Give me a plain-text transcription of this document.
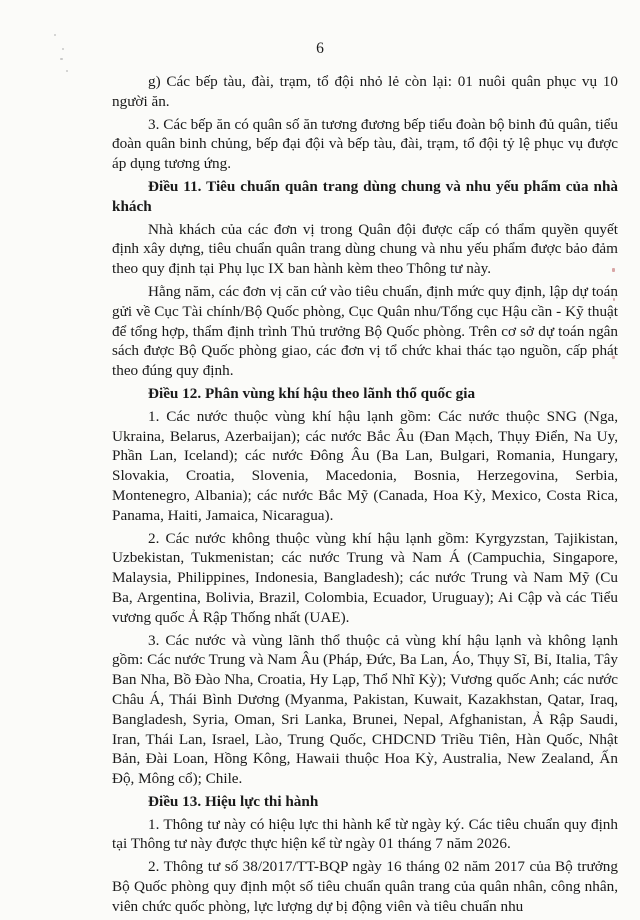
6

g) Các bếp tàu, đài, trạm, tổ đội nhỏ lẻ còn lại: 01 nuôi quân phục vụ 10 người ăn.

3. Các bếp ăn có quân số ăn tương đương bếp tiểu đoàn bộ binh đủ quân, tiểu đoàn quân binh chủng, bếp đại đội và bếp tàu, đài, trạm, tổ đội tỷ lệ phục vụ được áp dụng tương ứng.

Điều 11. Tiêu chuẩn quân trang dùng chung và nhu yếu phẩm của nhà khách

Nhà khách của các đơn vị trong Quân đội được cấp có thẩm quyền quyết định xây dựng, tiêu chuẩn quân trang dùng chung và nhu yếu phẩm được bảo đảm theo quy định tại Phụ lục IX ban hành kèm theo Thông tư này.

Hằng năm, các đơn vị căn cứ vào tiêu chuẩn, định mức quy định, lập dự toán gửi về Cục Tài chính/Bộ Quốc phòng, Cục Quân nhu/Tổng cục Hậu cần - Kỹ thuật để tổng hợp, thẩm định trình Thủ trưởng Bộ Quốc phòng. Trên cơ sở dự toán ngân sách được Bộ Quốc phòng giao, các đơn vị tổ chức khai thác tạo nguồn, cấp phát theo đúng quy định.

Điều 12. Phân vùng khí hậu theo lãnh thổ quốc gia

1. Các nước thuộc vùng khí hậu lạnh gồm: Các nước thuộc SNG (Nga, Ukraina, Belarus, Azerbaijan); các nước Bắc Âu (Đan Mạch, Thụy Điển, Na Uy, Phần Lan, Iceland); các nước Đông Âu (Ba Lan, Bulgari, Romania, Hungary, Slovakia, Croatia, Slovenia, Macedonia, Bosnia, Herzegovina, Serbia, Montenegro, Albania); các nước Bắc Mỹ (Canada, Hoa Kỳ, Mexico, Costa Rica, Panama, Haiti, Jamaica, Nicaragua).

2. Các nước không thuộc vùng khí hậu lạnh gồm: Kyrgyzstan, Tajikistan, Uzbekistan, Tukmenistan; các nước Trung và Nam Á (Campuchia, Singapore, Malaysia, Philippines, Indonesia, Bangladesh); các nước Trung và Nam Mỹ (Cu Ba, Argentina, Bolivia, Brazil, Colombia, Ecuador, Uruguay); Ai Cập và các Tiểu vương quốc Ả Rập Thống nhất (UAE).

3. Các nước và vùng lãnh thổ thuộc cả vùng khí hậu lạnh và không lạnh gồm: Các nước Trung và Nam Âu (Pháp, Đức, Ba Lan, Áo, Thụy Sĩ, Bỉ, Italia, Tây Ban Nha, Bồ Đào Nha, Croatia, Hy Lạp, Thổ Nhĩ Kỳ); Vương quốc Anh; các nước Châu Á, Thái Bình Dương (Myanma, Pakistan, Kuwait, Kazakhstan, Qatar, Iraq, Bangladesh, Syria, Oman, Sri Lanka, Brunei, Nepal, Afghanistan, Ả Rập Saudi, Iran, Thái Lan, Israel, Lào, Trung Quốc, CHDCND Triều Tiên, Hàn Quốc, Nhật Bản, Đài Loan, Hồng Kông, Hawaii thuộc Hoa Kỳ, Australia, New Zealand, Ấn Độ, Mông cổ); Chile.

Điều 13. Hiệu lực thi hành

1. Thông tư này có hiệu lực thi hành kể từ ngày ký. Các tiêu chuẩn quy định tại Thông tư này được thực hiện kể từ ngày 01 tháng 7 năm 2026.

2. Thông tư số 38/2017/TT-BQP ngày 16 tháng 02 năm 2017 của Bộ trưởng Bộ Quốc phòng quy định một số tiêu chuẩn quân trang của quân nhân, công nhân, viên chức quốc phòng, lực lượng dự bị động viên và tiêu chuẩn nhu
